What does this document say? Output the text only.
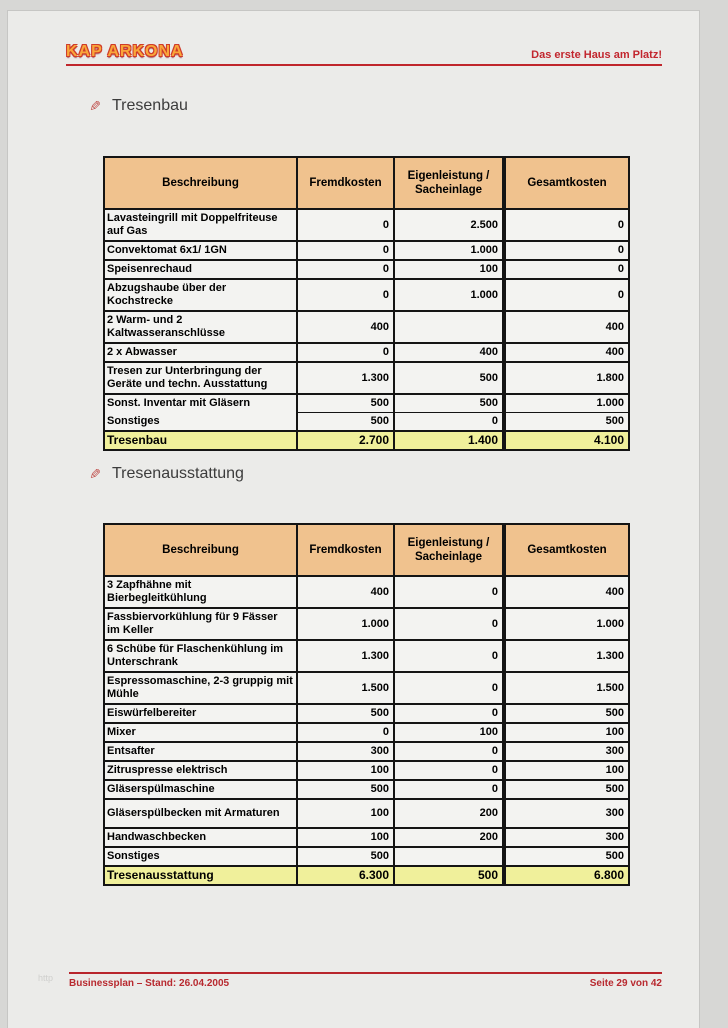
KAP ARKONA	Das erste Haus am Platz!
✎ Tresenbau
Beschreibung	Fremdkosten	Eigenleistung / Sacheinlage	Gesamtkosten
Lavasteingrill mit Doppelfriteuse auf Gas	0	2.500	0
Convektomat 6x1/ 1GN	0	1.000	0
Speisenrechaud	0	100	0
Abzugshaube über der Kochstrecke	0	1.000	0
2 Warm- und 2 Kaltwasseranschlüsse	400		400
2 x Abwasser	0	400	400
Tresen zur Unterbringung der Geräte und techn. Ausstattung	1.300	500	1.800
Sonst. Inventar mit Gläsern	500	500	1.000
Sonstiges	500	0	500
Tresenbau	2.700	1.400	4.100
✎ Tresenausstattung
Beschreibung	Fremdkosten	Eigenleistung / Sacheinlage	Gesamtkosten
3 Zapfhähne mit Bierbegleitkühlung	400	0	400
Fassbiervorkühlung für 9 Fässer im Keller	1.000	0	1.000
6 Schübe für Flaschenkühlung im Unterschrank	1.300	0	1.300
Espressomaschine, 2-3 gruppig mit Mühle	1.500	0	1.500
Eiswürfelbereiter	500	0	500
Mixer	0	100	100
Entsafter	300	0	300
Zitruspresse elektrisch	100	0	100
Gläserspülmaschine	500	0	500
Gläserspülbecken mit Armaturen	100	200	300
Handwaschbecken	100	200	300
Sonstiges	500		500
Tresenausstattung	6.300	500	6.800
Businessplan – Stand: 26.04.2005	Seite 29 von 42
http
